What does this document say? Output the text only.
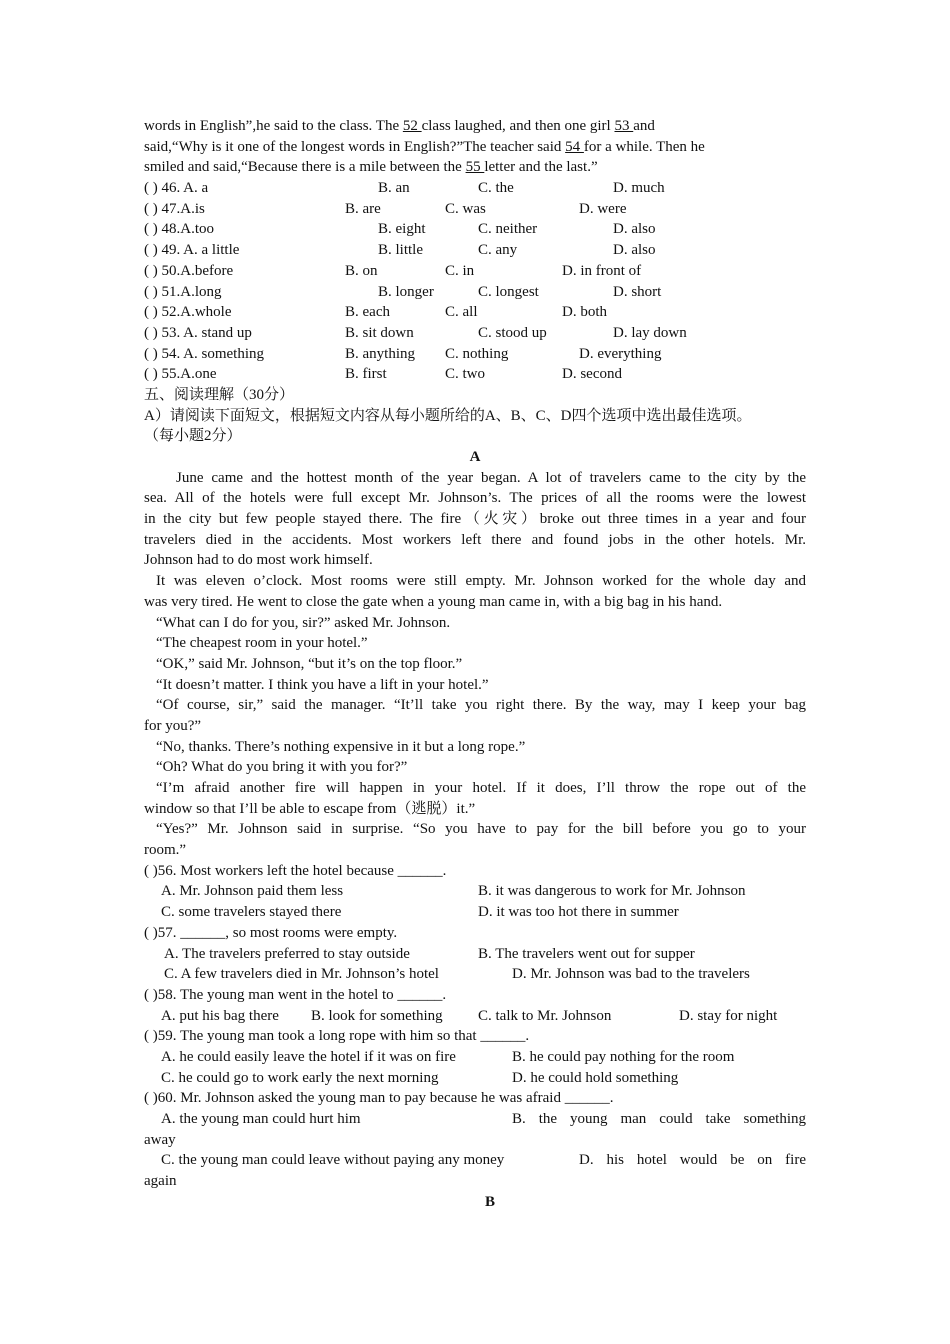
words in English”,he said to the class. The 52 class laughed, and then one girl 53 and
said,“Why is it one of the longest words in English?”The teacher said 54 for a while. Then he
smiled and said,“Because there is a mile between the 55 letter and the last.”
( ) 46. A. a	B. an	C. the	D. much
( ) 47.A.is	B. are	C. was	D. were
( ) 48.A.too	B. eight	C. neither	D. also
( ) 49. A. a little	B. little	C. any	D. also
( ) 50.A.before	B. on	C. in	D. in front of
( ) 51.A.long	B. longer	C. longest	D. short
( ) 52.A.whole	B. each	C. all	D. both
( ) 53. A. stand up	B. sit down	C. stood up	D. lay down
( ) 54. A. something	B. anything C. nothing	D. everything
( ) 55.A.one	B. first	C. two	D. second
五、阅读理解（30分）
A）请阅读下面短文，根据短文内容从每小题所给的A、B、C、D四个选项中选出最佳选项。
（每小题2分）
A
June came and the hottest month of the year began. A lot of travelers came to the city by the
sea. All of the hotels were full except Mr. Johnson’s. The prices of all the rooms were the lowest
in the city but few people stayed there. The fire（火灾）broke out three times in a year and four
travelers died in the accidents. Most workers left there and found jobs in the other hotels. Mr.
Johnson had to do most work himself.
It was eleven o’clock. Most rooms were still empty. Mr. Johnson worked for the whole day and
was very tired. He went to close the gate when a young man came in, with a big bag in his hand.
“What can I do for you, sir?” asked Mr. Johnson.
“The cheapest room in your hotel.”
“OK,” said Mr. Johnson, “but it’s on the top floor.”
“It doesn’t matter. I think you have a lift in your hotel.”
“Of course, sir,” said the manager. “It’ll take you right there. By the way, may I keep your bag
for you?”
“No, thanks. There’s nothing expensive in it but a long rope.”
“Oh? What do you bring it with you for?”
“I’m afraid another fire will happen in your hotel. If it does, I’ll throw the rope out of the
window so that I’ll be able to escape from（逃脱）it.”
“Yes?” Mr. Johnson said in surprise. “So you have to pay for the bill before you go to your
room.”
( )56. Most workers left the hotel because ______.
A. Mr. Johnson paid them less	B. it was dangerous to work for Mr. Johnson
C. some travelers stayed there	D. it was too hot there in summer
( )57. ______, so most rooms were empty.
A. The travelers preferred to stay outside	B. The travelers went out for supper
C. A few travelers died in Mr. Johnson’s hotel	D. Mr. Johnson was bad to the travelers
( )58. The young man went in the hotel to ______.
A. put his bag there B. look for something C. talk to Mr. Johnson	D. stay for night
( )59. The young man took a long rope with him so that ______.
A. he could easily leave the hotel if it was on fire	B. he could pay nothing for the room
C. he could go to work early the next morning	D. he could hold something
( )60. Mr. Johnson asked the young man to pay because he was afraid ______.
A. the young man could hurt him	B. the young man could take something
away
C. the young man could leave without paying any money	D. his hotel would be on fire
again
B
